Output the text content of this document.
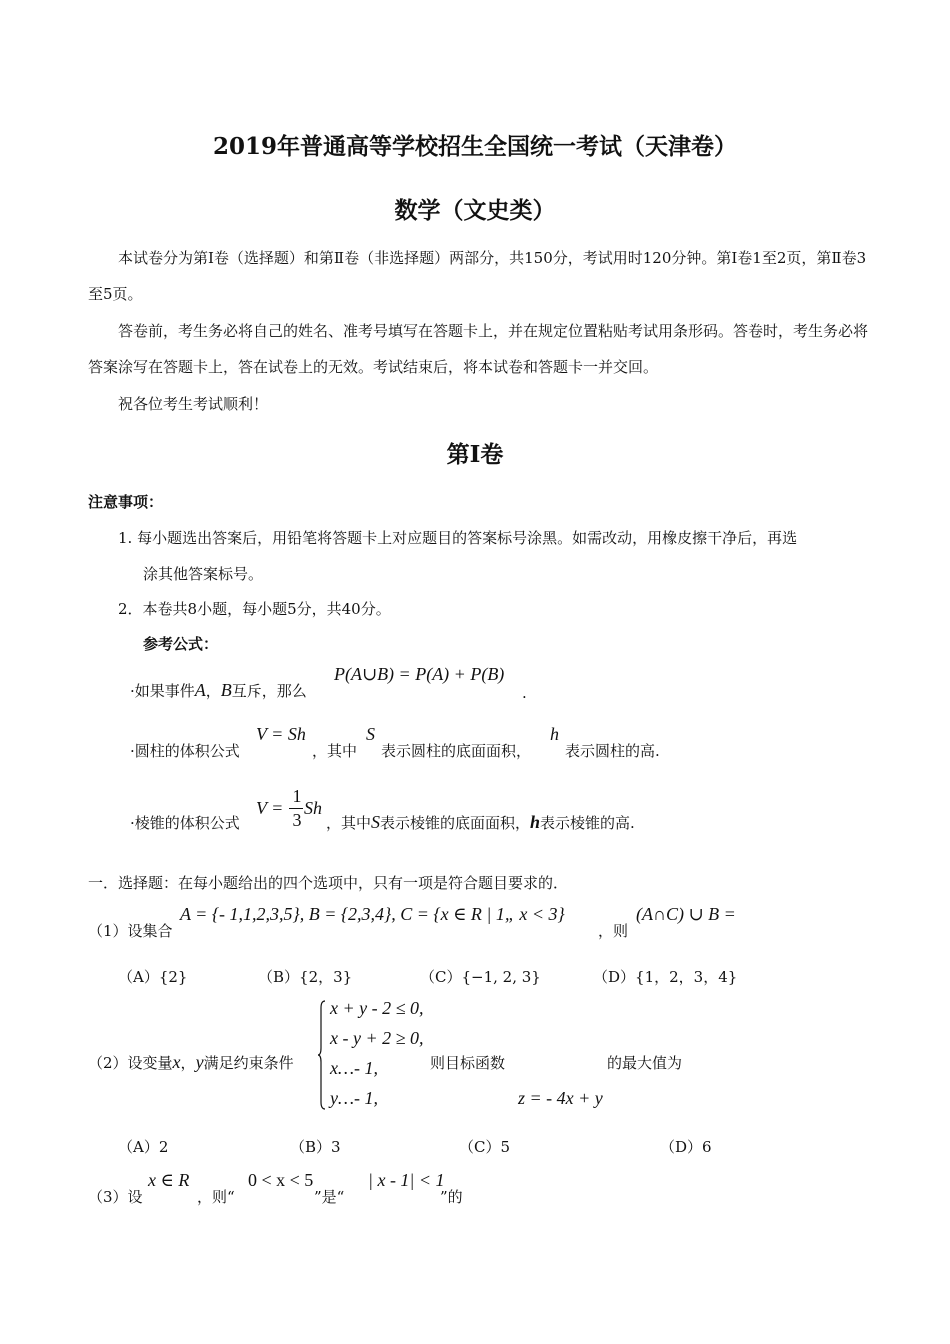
2019年普通高等学校招生全国统一考试（天津卷）
数学（文史类）
本试卷分为第Ⅰ卷（选择题）和第Ⅱ卷（非选择题）两部分，共150分，考试用时120分钟。第Ⅰ卷1至2页，第Ⅱ卷3至5页。
答卷前，考生务必将自己的姓名、准考号填写在答题卡上，并在规定位置粘贴考试用条形码。答卷时，考生务必将答案涂写在答题卡上，答在试卷上的无效。考试结束后，将本试卷和答题卡一并交回。
祝各位考生考试顺利！
第Ⅰ卷
注意事项：
1. 每小题选出答案后，用铅笔将答题卡上对应题目的答案标号涂黑。如需改动，用橡皮擦干净后，再选
涂其他答案标号。
2．本卷共8小题，每小题5分，共40分。
参考公式：
·如果事件A，B互斥，那么
P(A∪B) = P(A) + P(B)
.
·圆柱的体积公式
V = Sh
，其中
S
表示圆柱的底面面积，
h
表示圆柱的高.
·棱锥的体积公式
V =
1
3
Sh
，其中S表示棱锥的底面面积，h表示棱锥的高.
一．选择题：在每小题给出的四个选项中，只有一项是符合题目要求的．
（1）设集合
A = {- 1,1,2,3,5}, B = {2,3,4}, C = {x ∈ R | 1„ x < 3}
，则
(A∩C) ∪ B =
（A）{2}	（B）{2，3}	（C）{−1, 2, 3}	（D）{1，2，3，4}
（2）设变量x，y满足约束条件
x + y - 2 ≤ 0,
x - y + 2 ≥ 0,
x…- 1,
y…- 1,
则目标函数
z = - 4x + y
的最大值为
（A）2	（B）3	（C）5	（D）6
（3）设
x ∈ R
，则“
0 < x < 5
”是“
| x - 1| < 1
”的
